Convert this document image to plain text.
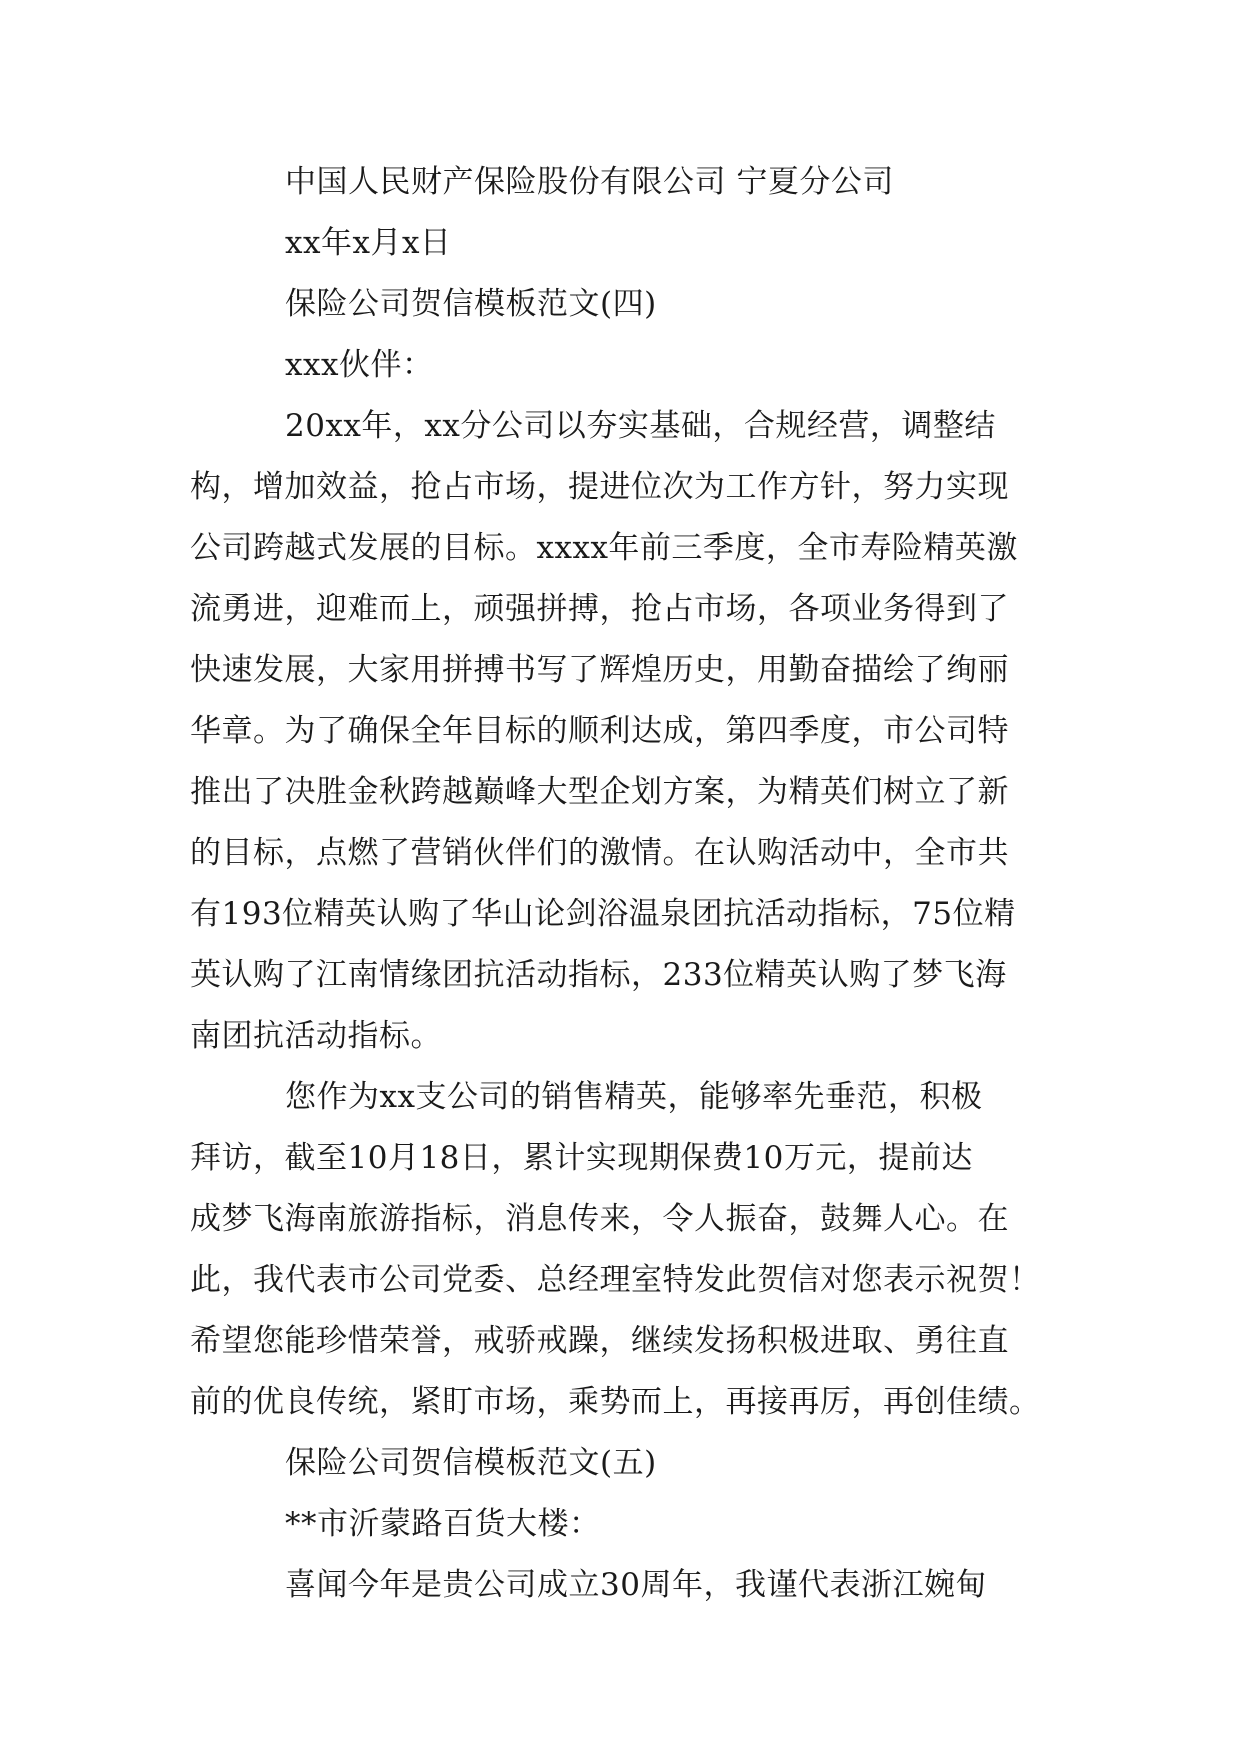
中国人民财产保险股份有限公司 宁夏分公司
xx年x月x日
保险公司贺信模板范文(四)
xxx伙伴：
20xx年，xx分公司以夯实基础，合规经营，调整结
构，增加效益，抢占市场，提进位次为工作方针，努力实现
公司跨越式发展的目标。xxxx年前三季度，全市寿险精英激
流勇进，迎难而上，顽强拼搏，抢占市场，各项业务得到了
快速发展，大家用拼搏书写了辉煌历史，用勤奋描绘了绚丽
华章。为了确保全年目标的顺利达成，第四季度，市公司特
推出了决胜金秋跨越巅峰大型企划方案，为精英们树立了新
的目标，点燃了营销伙伴们的激情。在认购活动中，全市共
有193位精英认购了华山论剑浴温泉团抗活动指标，75位精
英认购了江南情缘团抗活动指标，233位精英认购了梦飞海
南团抗活动指标。
您作为xx支公司的销售精英，能够率先垂范，积极
拜访，截至10月18日，累计实现期保费10万元，提前达
成梦飞海南旅游指标，消息传来，令人振奋，鼓舞人心。在
此，我代表市公司党委、总经理室特发此贺信对您表示祝贺！
希望您能珍惜荣誉，戒骄戒躁，继续发扬积极进取、勇往直
前的优良传统，紧盯市场，乘势而上，再接再厉，再创佳绩。
保险公司贺信模板范文(五)
**市沂蒙路百货大楼：
喜闻今年是贵公司成立30周年，我谨代表浙江婉甸
